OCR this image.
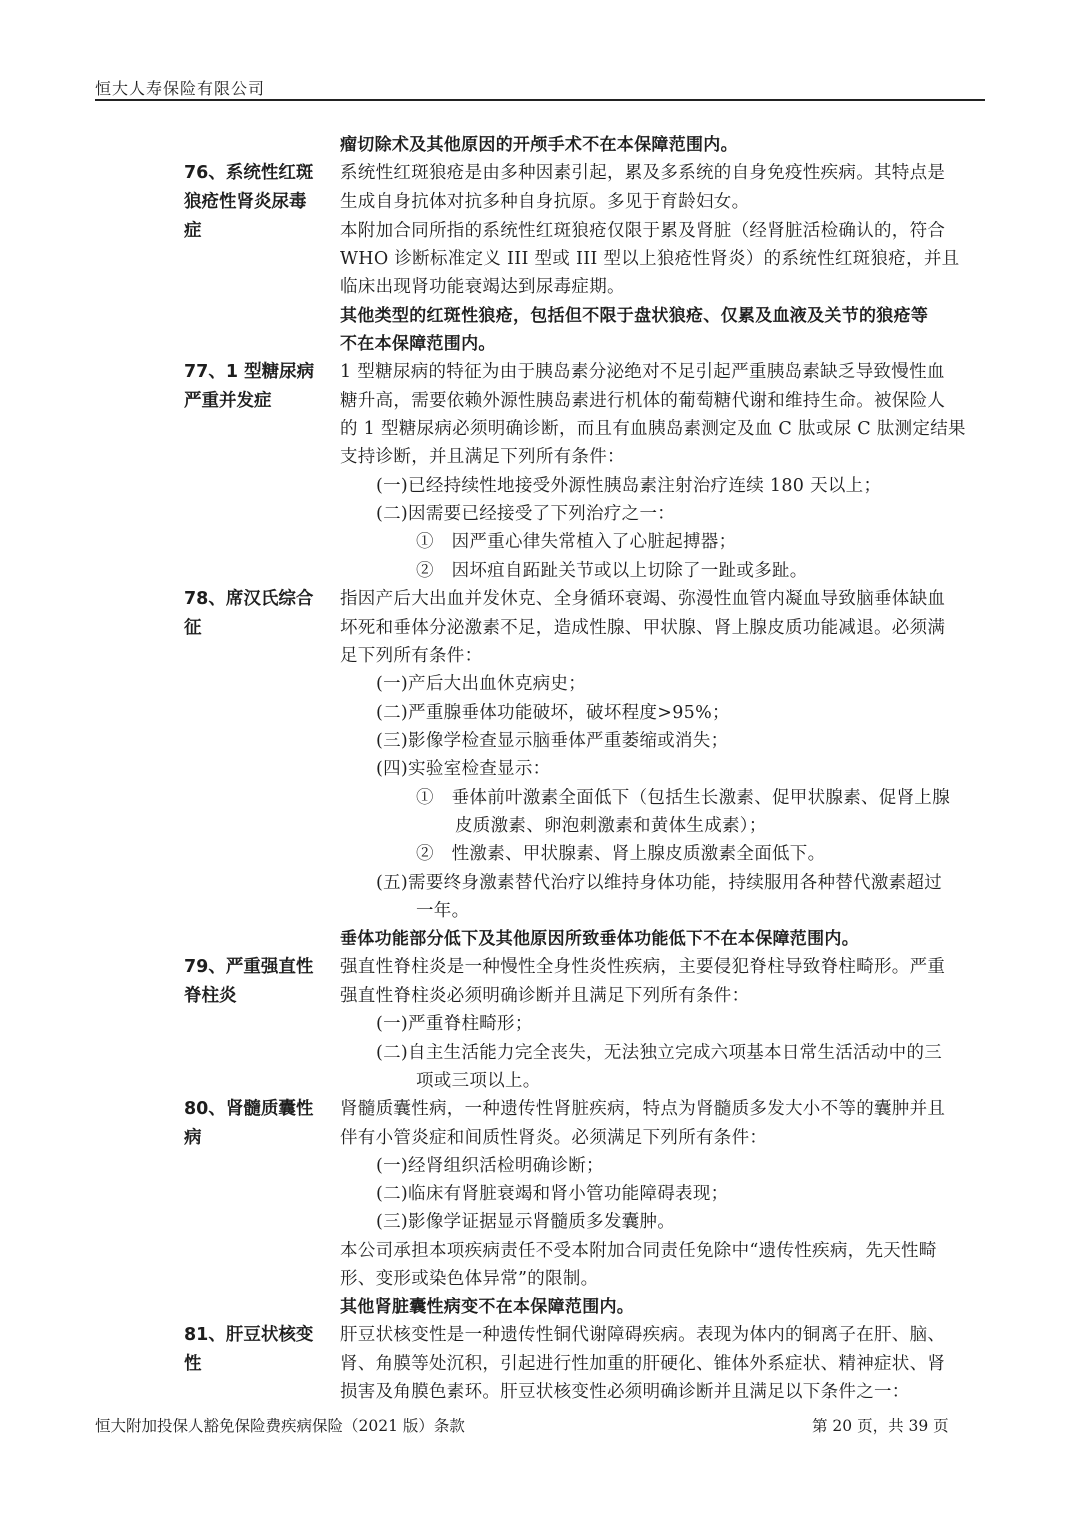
恒大人寿保险有限公司
76、系统性红斑
狼疮性肾炎尿毒
症
77、1 型糖尿病
严重并发症
78、席汉氏综合
征
79、严重强直性
脊柱炎
80、肾髓质囊性
病
81、肝豆状核变
性
瘤切除术及其他原因的开颅手术不在本保障范围内。
系统性红斑狼疮是由多种因素引起，累及多系统的自身免疫性疾病。其特点是
生成自身抗体对抗多种自身抗原。多见于育龄妇女。
本附加合同所指的系统性红斑狼疮仅限于累及肾脏（经肾脏活检确认的，符合
WHO 诊断标准定义 III 型或 III 型以上狼疮性肾炎）的系统性红斑狼疮，并且
临床出现肾功能衰竭达到尿毒症期。
其他类型的红斑性狼疮，包括但不限于盘状狼疮、仅累及血液及关节的狼疮等
不在本保障范围内。
1 型糖尿病的特征为由于胰岛素分泌绝对不足引起严重胰岛素缺乏导致慢性血
糖升高，需要依赖外源性胰岛素进行机体的葡萄糖代谢和维持生命。被保险人
的 1 型糖尿病必须明确诊断，而且有血胰岛素测定及血 C 肽或尿 C 肽测定结果
支持诊断，并且满足下列所有条件：
(一)已经持续性地接受外源性胰岛素注射治疗连续 180 天以上；
(二)因需要已经接受了下列治疗之一：
①　因严重心律失常植入了心脏起搏器；
②　因坏疽自跖趾关节或以上切除了一趾或多趾。
指因产后大出血并发休克、全身循环衰竭、弥漫性血管内凝血导致脑垂体缺血
坏死和垂体分泌激素不足，造成性腺、甲状腺、肾上腺皮质功能减退。必须满
足下列所有条件：
(一)产后大出血休克病史；
(二)严重腺垂体功能破坏，破坏程度>95%；
(三)影像学检查显示脑垂体严重萎缩或消失；
(四)实验室检查显示：
①　垂体前叶激素全面低下（包括生长激素、促甲状腺素、促肾上腺
皮质激素、卵泡刺激素和黄体生成素）；
②　性激素、甲状腺素、肾上腺皮质激素全面低下。
(五)需要终身激素替代治疗以维持身体功能，持续服用各种替代激素超过
一年。
垂体功能部分低下及其他原因所致垂体功能低下不在本保障范围内。
强直性脊柱炎是一种慢性全身性炎性疾病，主要侵犯脊柱导致脊柱畸形。严重
强直性脊柱炎必须明确诊断并且满足下列所有条件：
(一)严重脊柱畸形；
(二)自主生活能力完全丧失，无法独立完成六项基本日常生活活动中的三
项或三项以上。
肾髓质囊性病，一种遗传性肾脏疾病，特点为肾髓质多发大小不等的囊肿并且
伴有小管炎症和间质性肾炎。必须满足下列所有条件：
(一)经肾组织活检明确诊断；
(二)临床有肾脏衰竭和肾小管功能障碍表现；
(三)影像学证据显示肾髓质多发囊肿。
本公司承担本项疾病责任不受本附加合同责任免除中“遗传性疾病，先天性畸
形、变形或染色体异常”的限制。
其他肾脏囊性病变不在本保障范围内。
肝豆状核变性是一种遗传性铜代谢障碍疾病。表现为体内的铜离子在肝、脑、
肾、角膜等处沉积，引起进行性加重的肝硬化、锥体外系症状、精神症状、肾
损害及角膜色素环。肝豆状核变性必须明确诊断并且满足以下条件之一：
恒大附加投保人豁免保险费疾病保险（2021 版）条款	第 20 页，共 39 页
